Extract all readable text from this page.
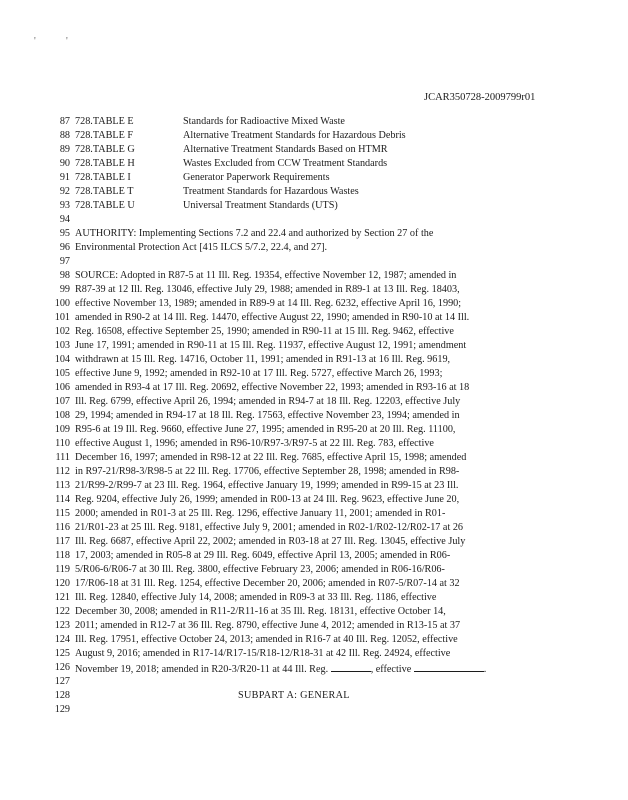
'	'
JCAR350728-2009799r01
87 728.TABLE E	Standards for Radioactive Mixed Waste
88 728.TABLE F	Alternative Treatment Standards for Hazardous Debris
89 728.TABLE G	Alternative Treatment Standards Based on HTMR
90 728.TABLE H	Wastes Excluded from CCW Treatment Standards
91 728.TABLE I	Generator Paperwork Requirements
92 728.TABLE T	Treatment Standards for Hazardous Wastes
93 728.TABLE U	Universal Treatment Standards (UTS)
94
95 AUTHORITY: Implementing Sections 7.2 and 22.4 and authorized by Section 27 of the
96 Environmental Protection Act [415 ILCS 5/7.2, 22.4, and 27].
97
98 SOURCE: Adopted in R87-5 at 11 Ill. Reg. 19354, effective November 12, 1987; amended in
99 R87-39 at 12 Ill. Reg. 13046, effective July 29, 1988; amended in R89-1 at 13 Ill. Reg. 18403,
100 effective November 13, 1989; amended in R89-9 at 14 Ill. Reg. 6232, effective April 16, 1990;
101 amended in R90-2 at 14 Ill. Reg. 14470, effective August 22, 1990; amended in R90-10 at 14 Ill.
102 Reg. 16508, effective September 25, 1990; amended in R90-11 at 15 Ill. Reg. 9462, effective
103 June 17, 1991; amended in R90-11 at 15 Ill. Reg. 11937, effective August 12, 1991; amendment
104 withdrawn at 15 Ill. Reg. 14716, October 11, 1991; amended in R91-13 at 16 Ill. Reg. 9619,
105 effective June 9, 1992; amended in R92-10 at 17 Ill. Reg. 5727, effective March 26, 1993;
106 amended in R93-4 at 17 Ill. Reg. 20692, effective November 22, 1993; amended in R93-16 at 18
107 Ill. Reg. 6799, effective April 26, 1994; amended in R94-7 at 18 Ill. Reg. 12203, effective July
108 29, 1994; amended in R94-17 at 18 Ill. Reg. 17563, effective November 23, 1994; amended in
109 R95-6 at 19 Ill. Reg. 9660, effective June 27, 1995; amended in R95-20 at 20 Ill. Reg. 11100,
110 effective August 1, 1996; amended in R96-10/R97-3/R97-5 at 22 Ill. Reg. 783, effective
111 December 16, 1997; amended in R98-12 at 22 Ill. Reg. 7685, effective April 15, 1998; amended
112 in R97-21/R98-3/R98-5 at 22 Ill. Reg. 17706, effective September 28, 1998; amended in R98-
113 21/R99-2/R99-7 at 23 Ill. Reg. 1964, effective January 19, 1999; amended in R99-15 at 23 Ill.
114 Reg. 9204, effective July 26, 1999; amended in R00-13 at 24 Ill. Reg. 9623, effective June 20,
115 2000; amended in R01-3 at 25 Ill. Reg. 1296, effective January 11, 2001; amended in R01-
116 21/R01-23 at 25 Ill. Reg. 9181, effective July 9, 2001; amended in R02-1/R02-12/R02-17 at 26
117 Ill. Reg. 6687, effective April 22, 2002; amended in R03-18 at 27 Ill. Reg. 13045, effective July
118 17, 2003; amended in R05-8 at 29 Ill. Reg. 6049, effective April 13, 2005; amended in R06-
119 5/R06-6/R06-7 at 30 Ill. Reg. 3800, effective February 23, 2006; amended in R06-16/R06-
120 17/R06-18 at 31 Ill. Reg. 1254, effective December 20, 2006; amended in R07-5/R07-14 at 32
121 Ill. Reg. 12840, effective July 14, 2008; amended in R09-3 at 33 Ill. Reg. 1186, effective
122 December 30, 2008; amended in R11-2/R11-16 at 35 Ill. Reg. 18131, effective October 14,
123 2011; amended in R12-7 at 36 Ill. Reg. 8790, effective June 4, 2012; amended in R13-15 at 37
124 Ill. Reg. 17951, effective October 24, 2013; amended in R16-7 at 40 Ill. Reg. 12052, effective
125 August 9, 2016; amended in R17-14/R17-15/R18-12/R18-31 at 42 Ill. Reg. 24924, effective
126 November 19, 2018; amended in R20-3/R20-11 at 44 Ill. Reg.	, effective	.
127
128	SUBPART A: GENERAL
129
